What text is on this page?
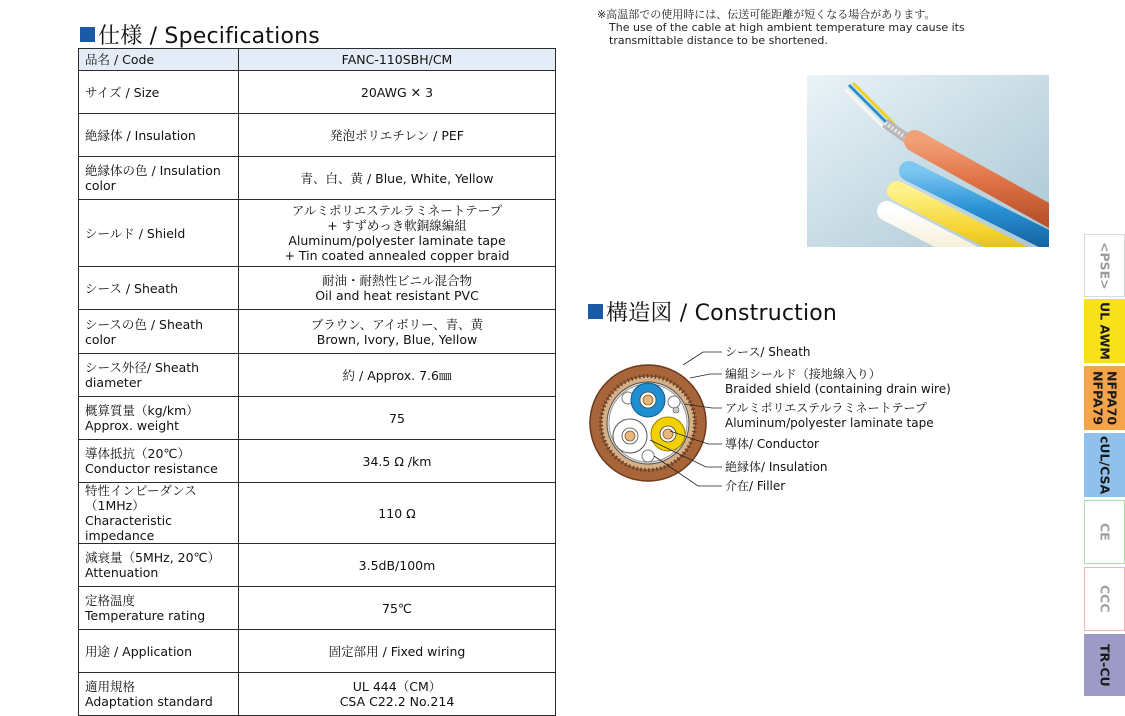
仕様 / Specifications
品名 / Code	FANC-110SBH/CM

サイズ / Size	20AWG ✕ 3

絶縁体 / Insulation	発泡ポリエチレン / PEF

絶縁体の色 / Insulation color	青、白、黄 / Blue, White, Yellow

シールド / Shield	アルミポリエステルラミネートテープ
+ すずめっき軟銅線編組
Aluminum/polyester laminate tape
+ Tin coated annealed copper braid

シース / Sheath	耐油・耐熱性ビニル混合物
Oil and heat resistant PVC

シースの色 / Sheath color	ブラウン、アイボリー、青、黄
Brown, Ivory, Blue, Yellow

シース外径/ Sheath diameter	約 / Approx. 7.6㎜

概算質量（kg/km）
Approx. weight	75

導体抵抗（20℃）
Conductor resistance	34.5 Ω /km

特性インピーダンス（1MHz）
Characteristic impedance	110 Ω

減衰量（5MHz, 20℃）
Attenuation	3.5dB/100m

定格温度
Temperature rating	75℃

用途 / Application	固定部用 / Fixed wiring

適用規格
Adaptation standard	UL 444（CM）
CSA C22.2 No.214
※高温部での使用時には、伝送可能距離が短くなる場合があります。
The use of the cable at high ambient temperature may cause its transmittable distance to be shortened.
構造図 / Construction
シース/ Sheath
編組シールド（接地線入り）
Braided shield (containing drain wire)
アルミポリエステルラミネートテープ
Aluminum/polyester laminate tape
導体/ Conductor
絶縁体/ Insulation
介在/ Filler
<PSE>
UL AWM
NFPA70
NFPA79
cUL/CSA
CE
CCC
TR-CU
